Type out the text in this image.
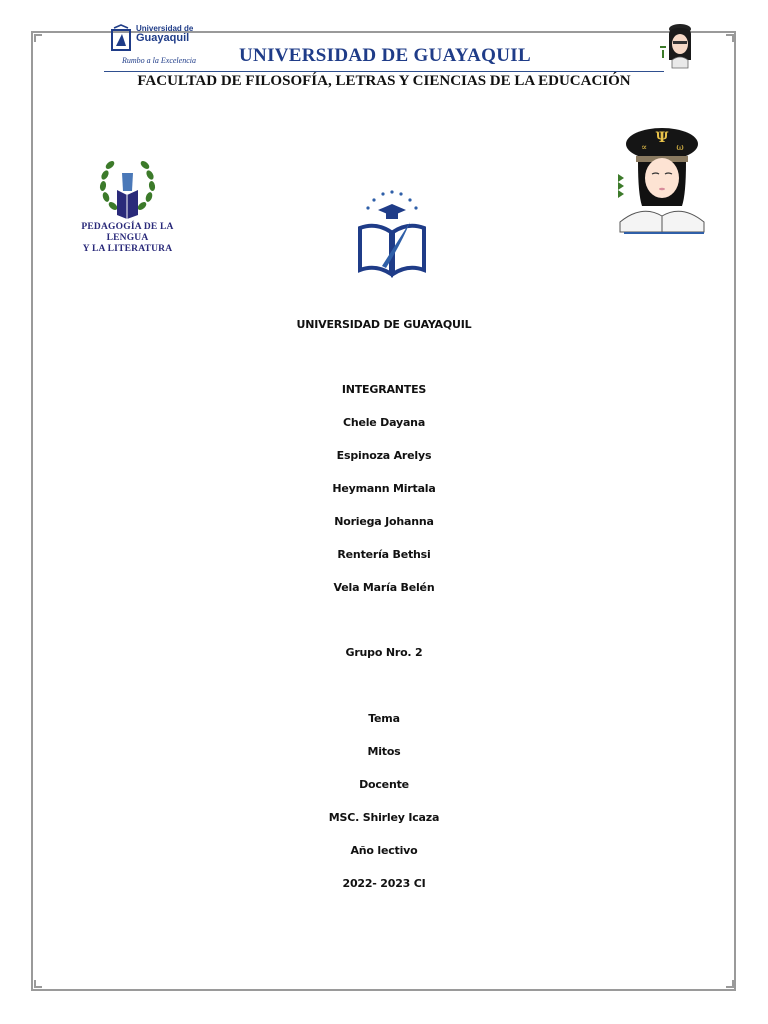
Universidad de
Guayaquil
Rumbo a la Excelencia	UNIVERSIDAD DE GUAYAQUIL
FACULTAD DE FILOSOFÍA, LETRAS Y CIENCIAS DE LA EDUCACIÓN
PEDAGOGÍA DE LA LENGUA
Y LA LITERATURA
Ψ
∝	ω
UNIVERSIDAD DE GUAYAQUIL
INTEGRANTES
Chele Dayana
Espinoza Arelys
Heymann Mirtala
Noriega Johanna
Rentería Bethsi
Vela María Belén
Grupo Nro. 2
Tema
Mitos
Docente
MSC. Shirley Icaza
Año lectivo
2022- 2023 CI
